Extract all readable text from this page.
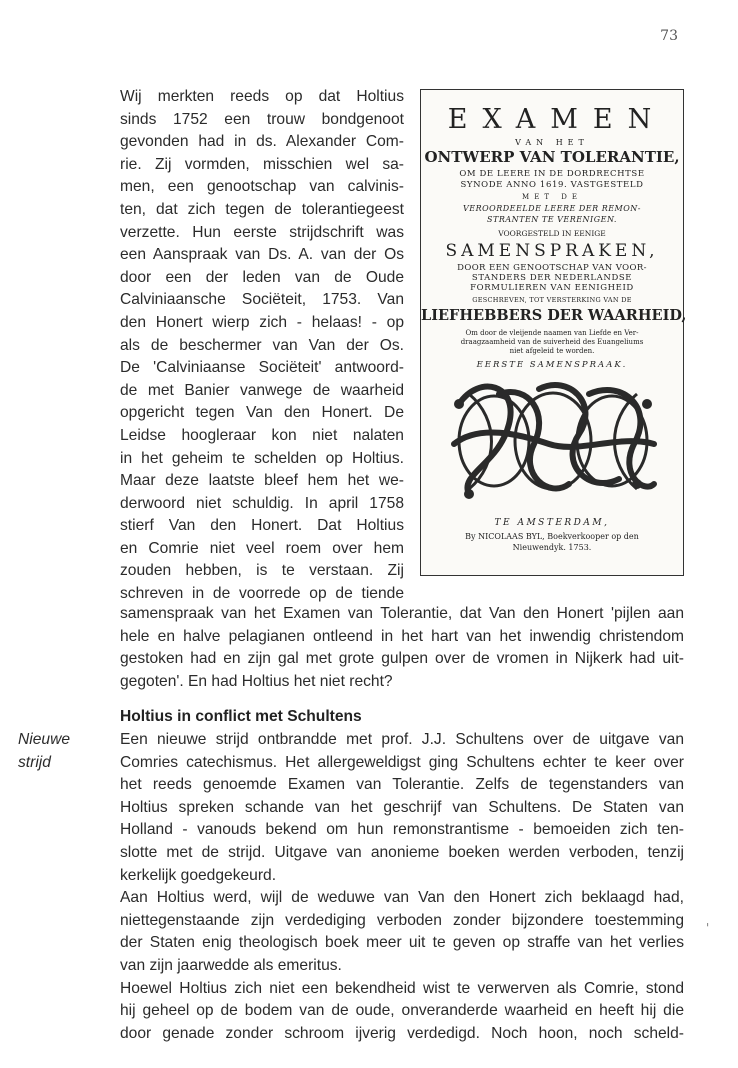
73
Wij merkten reeds op dat Holtius
sinds 1752 een trouw bondgenoot
gevonden had in ds. Alexander Com-
rie. Zij vormden, misschien wel sa-
men, een genootschap van calvinis-
ten, dat zich tegen de tolerantiegeest
verzette. Hun eerste strijdschrift was
een Aanspraak van Ds. A. van der Os
door een der leden van de Oude
Calviniaansche Sociëteit, 1753. Van
den Honert wierp zich - helaas! - op
als de beschermer van Van der Os.
De 'Calviniaanse Sociëteit' antwoord-
de met Banier vanwege de waarheid
opgericht tegen Van den Honert. De
Leidse hoogleraar kon niet nalaten
in het geheim te schelden op Holtius.
Maar deze laatste bleef hem het we-
derwoord niet schuldig. In april 1758
stierf Van den Honert. Dat Holtius
en Comrie niet veel roem over hem
zouden hebben, is te verstaan. Zij
schreven in de voorrede op de tiende
EXAMEN
VAN HET
ONTWERP VAN TOLERANTIE,
OM DE LEERE IN DE DORDRECHTSE
SYNODE ANNO 1619. VASTGESTELD
MET DE
VEROORDEELDE LEERE DER REMON-
STRANTEN TE VERENIGEN.
VOORGESTELD IN EENIGE
SAMENSPRAKEN,
DOOR EEN GENOOTSCHAP VAN VOOR-
STANDERS DER NEDERLANDSE
FORMULIEREN VAN EENIGHEID
GESCHREVEN, TOT VERSTERKING VAN DE
LIEFHEBBERS DER WAARHEID,
Om door de vleijende naamen van Liefde en Ver-
draagzaamheid van de suiverheid des Euangeliums
niet afgeleid te worden.
EERSTE SAMENSPRAAK.
TE AMSTERDAM,
By NICOLAAS BYL, Boekverkooper op den
Nieuwendyk. 1753.
samenspraak van het Examen van Tolerantie, dat Van den Honert 'pijlen aan
hele en halve pelagianen ontleend in het hart van het inwendig christendom
gestoken had en zijn gal met grote gulpen over de vromen in Nijkerk had uit-
gegoten'. En had Holtius het niet recht?
Holtius in conflict met Schultens
Nieuwe
strijd
Een nieuwe strijd ontbrandde met prof. J.J. Schultens over de uitgave van
Comries catechismus. Het allergeweldigst ging Schultens echter te keer over
het reeds genoemde Examen van Tolerantie. Zelfs de tegenstanders van
Holtius spreken schande van het geschrijf van Schultens. De Staten van
Holland - vanouds bekend om hun remonstrantisme - bemoeiden zich ten-
slotte met de strijd. Uitgave van anonieme boeken werden verboden, tenzij
kerkelijk goedgekeurd.
Aan Holtius werd, wijl de weduwe van Van den Honert zich beklaagd had,
niettegenstaande zijn verdediging verboden zonder bijzondere toestemming
der Staten enig theologisch boek meer uit te geven op straffe van het verlies
van zijn jaarwedde als emeritus.
Hoewel Holtius zich niet een bekendheid wist te verwerven als Comrie, stond
hij geheel op de bodem van de oude, onveranderde waarheid en heeft hij die
door genade zonder schroom ijverig verdedigd. Noch hoon, noch scheld-
'
